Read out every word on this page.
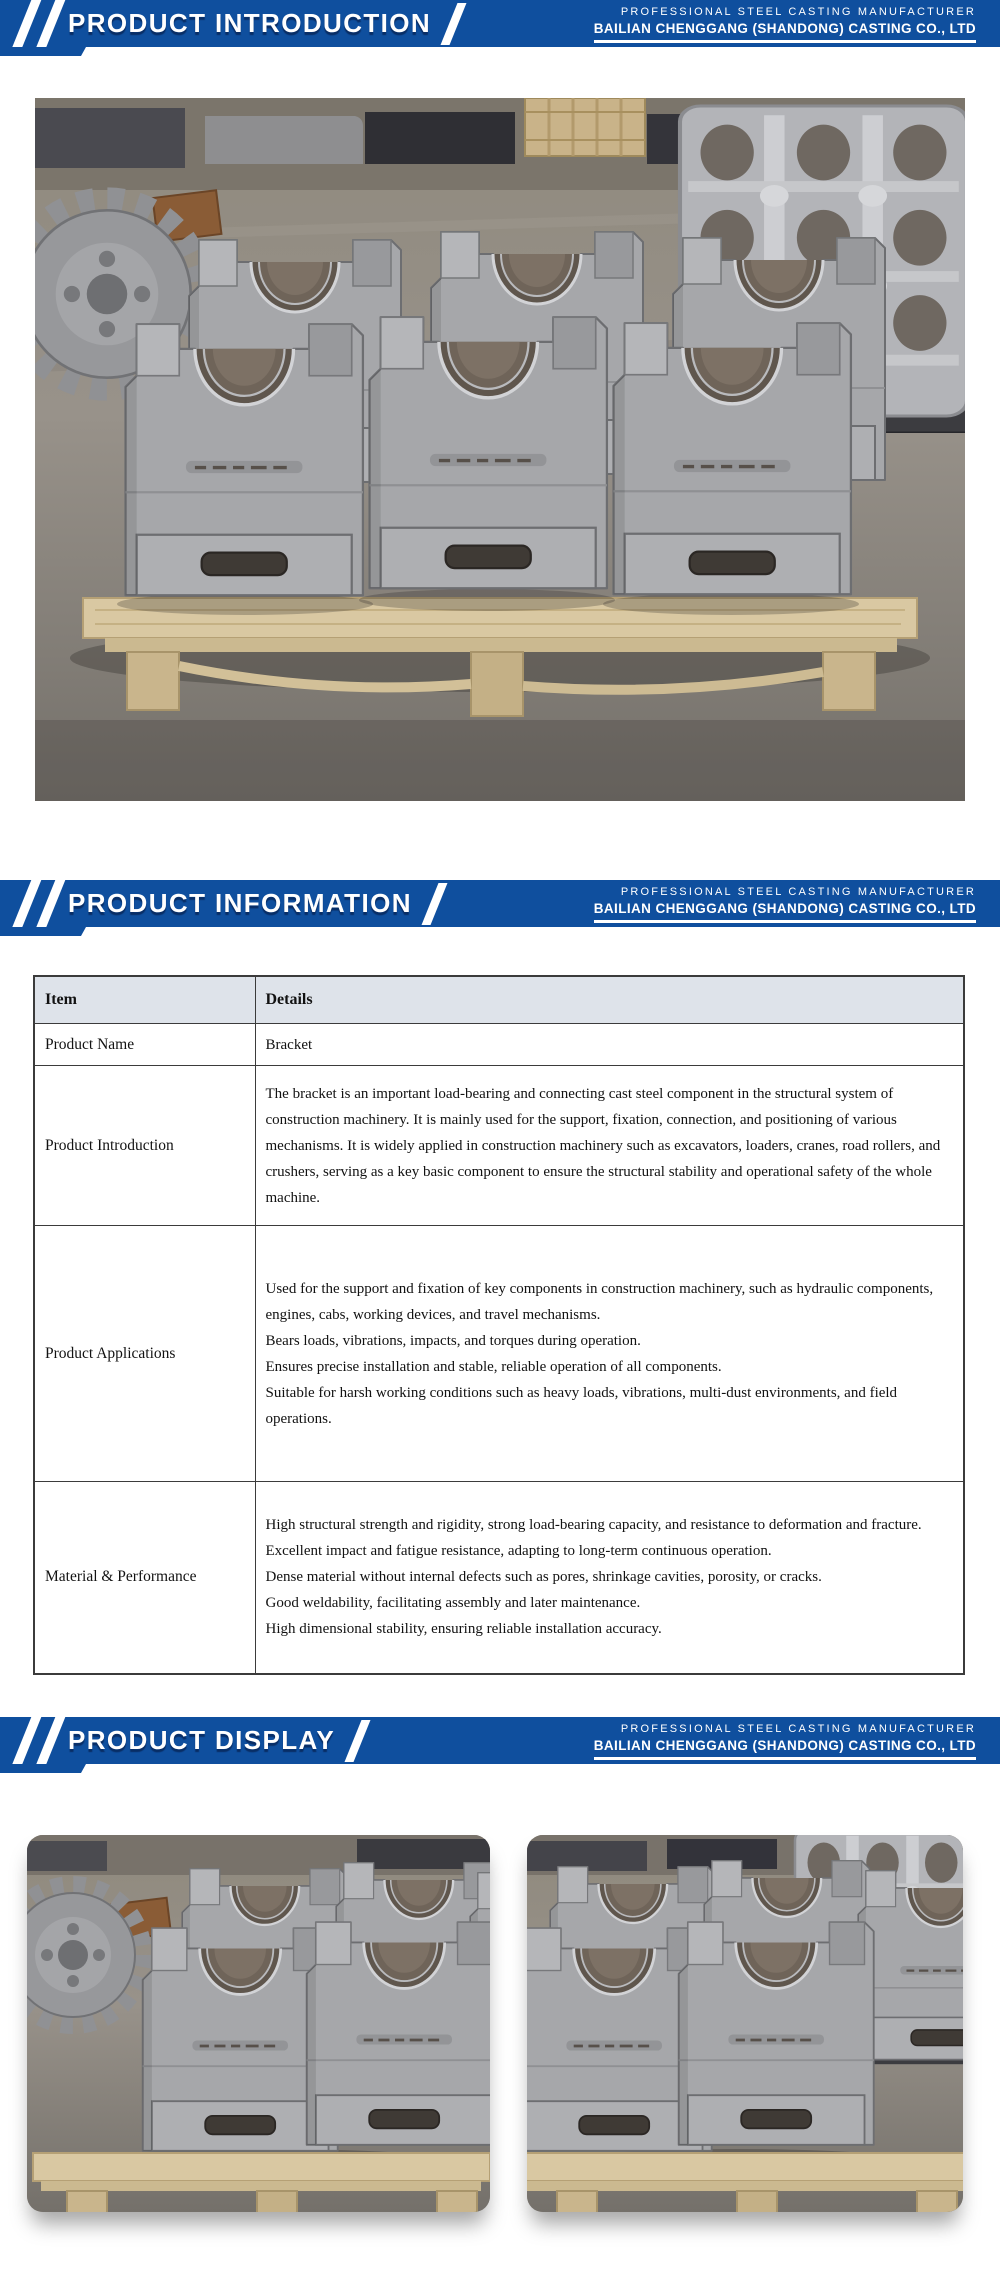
PRODUCT INTRODUCTION	PROFESSIONAL STEEL CASTING MANUFACTURER
BAILIAN CHENGGANG (SHANDONG) CASTING CO., LTD
PRODUCT INFORMATION	PROFESSIONAL STEEL CASTING MANUFACTURER
BAILIAN CHENGGANG (SHANDONG) CASTING CO., LTD
Item	Details
Product Name	Bracket

Product Introduction	The bracket is an important load-bearing and connecting cast steel component in the structural system of construction machinery. It is mainly used for the support, fixation, connection, and positioning of various mechanisms. It is widely applied in construction machinery such as excavators, loaders, cranes, road rollers, and crushers, serving as a key basic component to ensure the structural stability and operational safety of the whole machine.

Product Applications	Used for the support and fixation of key components in construction machinery, such as hydraulic components, engines, cabs, working devices, and travel mechanisms.
Bears loads, vibrations, impacts, and torques during operation.
Ensures precise installation and stable, reliable operation of all components.
Suitable for harsh working conditions such as heavy loads, vibrations, multi-dust environments, and field operations.

Material & Performance	High structural strength and rigidity, strong load-bearing capacity, and resistance to deformation and fracture.
Excellent impact and fatigue resistance, adapting to long-term continuous operation.
Dense material without internal defects such as pores, shrinkage cavities, porosity, or cracks.
Good weldability, facilitating assembly and later maintenance.
High dimensional stability, ensuring reliable installation accuracy.
PRODUCT DISPLAY	PROFESSIONAL STEEL CASTING MANUFACTURER
BAILIAN CHENGGANG (SHANDONG) CASTING CO., LTD
